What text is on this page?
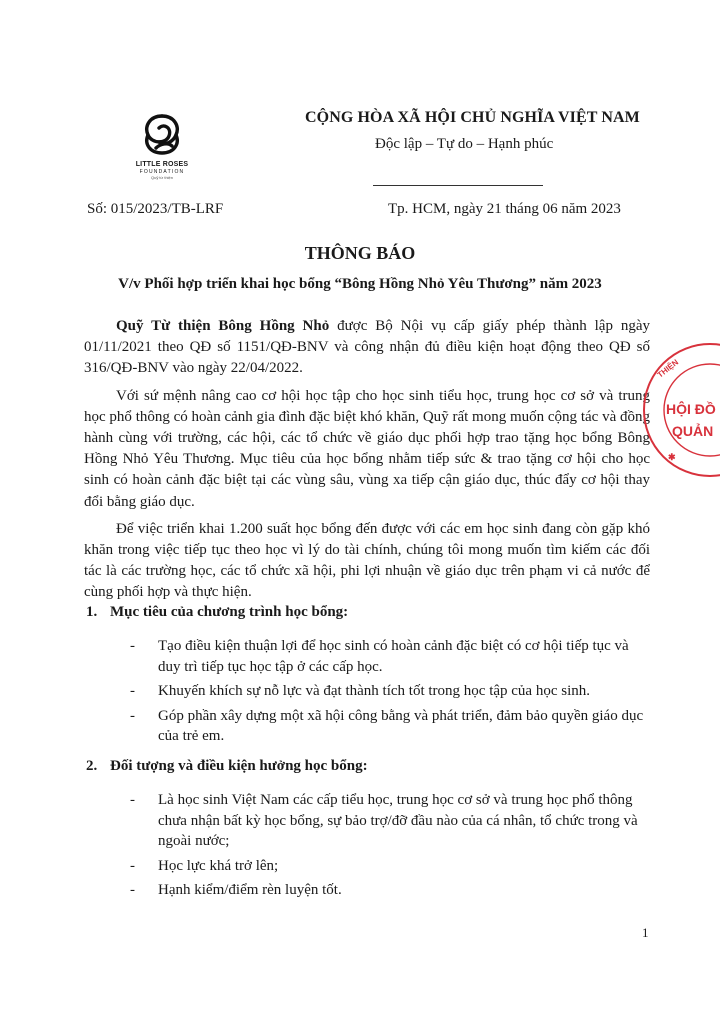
LITTLE ROSES
FOUNDATION
Quỹ từ thiện
CỘNG HÒA XÃ HỘI CHỦ NGHĨA VIỆT NAM
Độc lập – Tự do – Hạnh phúc
Số: 015/2023/TB-LRF	Tp. HCM, ngày 21 tháng 06 năm 2023
THÔNG BÁO
V/v Phối hợp triển khai học bổng “Bông Hồng Nhỏ Yêu Thương” năm 2023

Quỹ Từ thiện Bông Hồng Nhỏ được Bộ Nội vụ cấp giấy phép thành lập ngày 01/11/2021 theo QĐ số 1151/QĐ-BNV và công nhận đủ điều kiện hoạt động theo QĐ số 316/QĐ-BNV vào ngày 22/04/2022.

Với sứ mệnh nâng cao cơ hội học tập cho học sinh tiểu học, trung học cơ sở và trung học phổ thông có hoàn cảnh gia đình đặc biệt khó khăn, Quỹ rất mong muốn cộng tác và đồng hành cùng với trường, các hội, các tổ chức về giáo dục phối hợp trao tặng học bổng Bông Hồng Nhỏ Yêu Thương. Mục tiêu của học bổng nhằm tiếp sức & trao tặng cơ hội cho học sinh có hoàn cảnh đặc biệt tại các vùng sâu, vùng xa tiếp cận giáo dục, thúc đẩy cơ hội thay đổi bằng giáo dục.

Để việc triển khai 1.200 suất học bổng đến được với các em học sinh đang còn gặp khó khăn trong việc tiếp tục theo học vì lý do tài chính, chúng tôi mong muốn tìm kiếm các đối tác là các trường học, các tổ chức xã hội, phi lợi nhuận về giáo dục trên phạm vi cả nước để cùng phối hợp và thực hiện.

1. Mục tiêu của chương trình học bổng:
- Tạo điều kiện thuận lợi để học sinh có hoàn cảnh đặc biệt có cơ hội tiếp tục và duy trì tiếp tục học tập ở các cấp học.
- Khuyến khích sự nỗ lực và đạt thành tích tốt trong học tập của học sinh.
- Góp phần xây dựng một xã hội công bằng và phát triển, đảm bảo quyền giáo dục của trẻ em.
2. Đối tượng và điều kiện hưởng học bổng:
- Là học sinh Việt Nam các cấp tiểu học, trung học cơ sở và trung học phổ thông chưa nhận bất kỳ học bổng, sự bảo trợ/đỡ đầu nào của cá nhân, tổ chức trong và ngoài nước;
- Học lực khá trở lên;
- Hạnh kiểm/điểm rèn luyện tốt.
1
THIỆN
✱
HỘI ĐỒ
QUẢN
